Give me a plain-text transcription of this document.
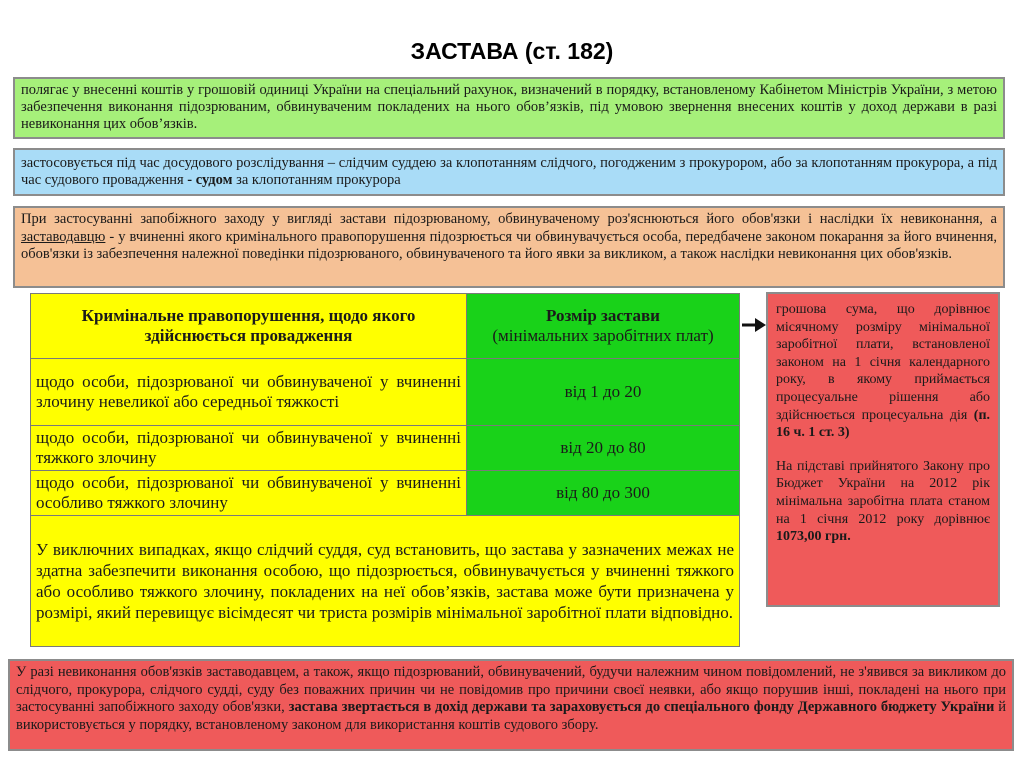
ЗАСТАВА (ст. 182)
полягає у внесенні коштів у грошовій одиниці України на спеціальний рахунок, визначений в порядку, встановленому Кабінетом Міністрів України, з метою забезпечення виконання підозрюваним, обвинуваченим покладених на нього обов’язків, під умовою звернення внесених коштів у доход держави в разі невиконання цих обов’язків.
застосовується під час досудового розслідування – слідчим суддею за клопотанням слідчого, погодженим з прокурором, або за клопотанням прокурора, а під час судового провадження - судом за клопотанням прокурора
При застосуванні запобіжного заходу у вигляді застави підозрюваному, обвинуваченому роз'яснюються його обов'язки і наслідки їх невиконання, а заставодавцю - у вчиненні якого кримінального правопорушення підозрюється чи обвинувачується особа, передбачене законом покарання за його вчинення, обов'язки із забезпечення належної поведінки підозрюваного, обвинуваченого та його явки за викликом, а також наслідки невиконання цих обов'язків.
Кримінальне правопорушення, щодо якого здійснюється провадження	Розмір застави
(мінімальних заробітних плат)

щодо особи, підозрюваної чи обвинуваченої у вчиненні злочину невеликої або середньої тяжкості	від 1 до 20
щодо особи, підозрюваної чи обвинуваченої у вчиненні тяжкого злочину	від 20 до 80
щодо особи, підозрюваної чи обвинуваченої у вчиненні особливо тяжкого злочину	від 80 до 300
У виключних випадках, якщо слідчий суддя, суд встановить, що застава у зазначених межах не здатна забезпечити виконання особою, що підозрюється, обвинувачується у вчиненні тяжкого або особливо тяжкого злочину, покладених на неї обов’язків, застава може бути призначена у розмірі, який перевищує вісімдесят чи триста розмірів мінімальної заробітної плати відповідно.	

грошова сума, що дорівнює місячному розміру мінімальної заробітної плати, встановленої законом на 1 січня календарного року, в якому приймається процесуальне рішення або здійснюється процесуальна дія (п. 16 ч. 1 ст. 3)

На підставі прийнятого Закону про Бюджет України на 2012 рік мінімальна заробітна плата станом на 1 січня 2012 року дорівнює 1073,00 грн.

У разі невиконання обов'язків заставодавцем, а також, якщо підозрюваний, обвинувачений, будучи належним чином повідомлений, не з'явився за викликом до слідчого, прокурора, слідчого судді, суду без поважних причин чи не повідомив про причини своєї неявки, або якщо порушив інші, покладені на нього при застосуванні запобіжного заходу обов'язки, застава звертається в дохід держави та зараховується до спеціального фонду Державного бюджету України й використовується у порядку, встановленому законом для використання коштів судового збору.
